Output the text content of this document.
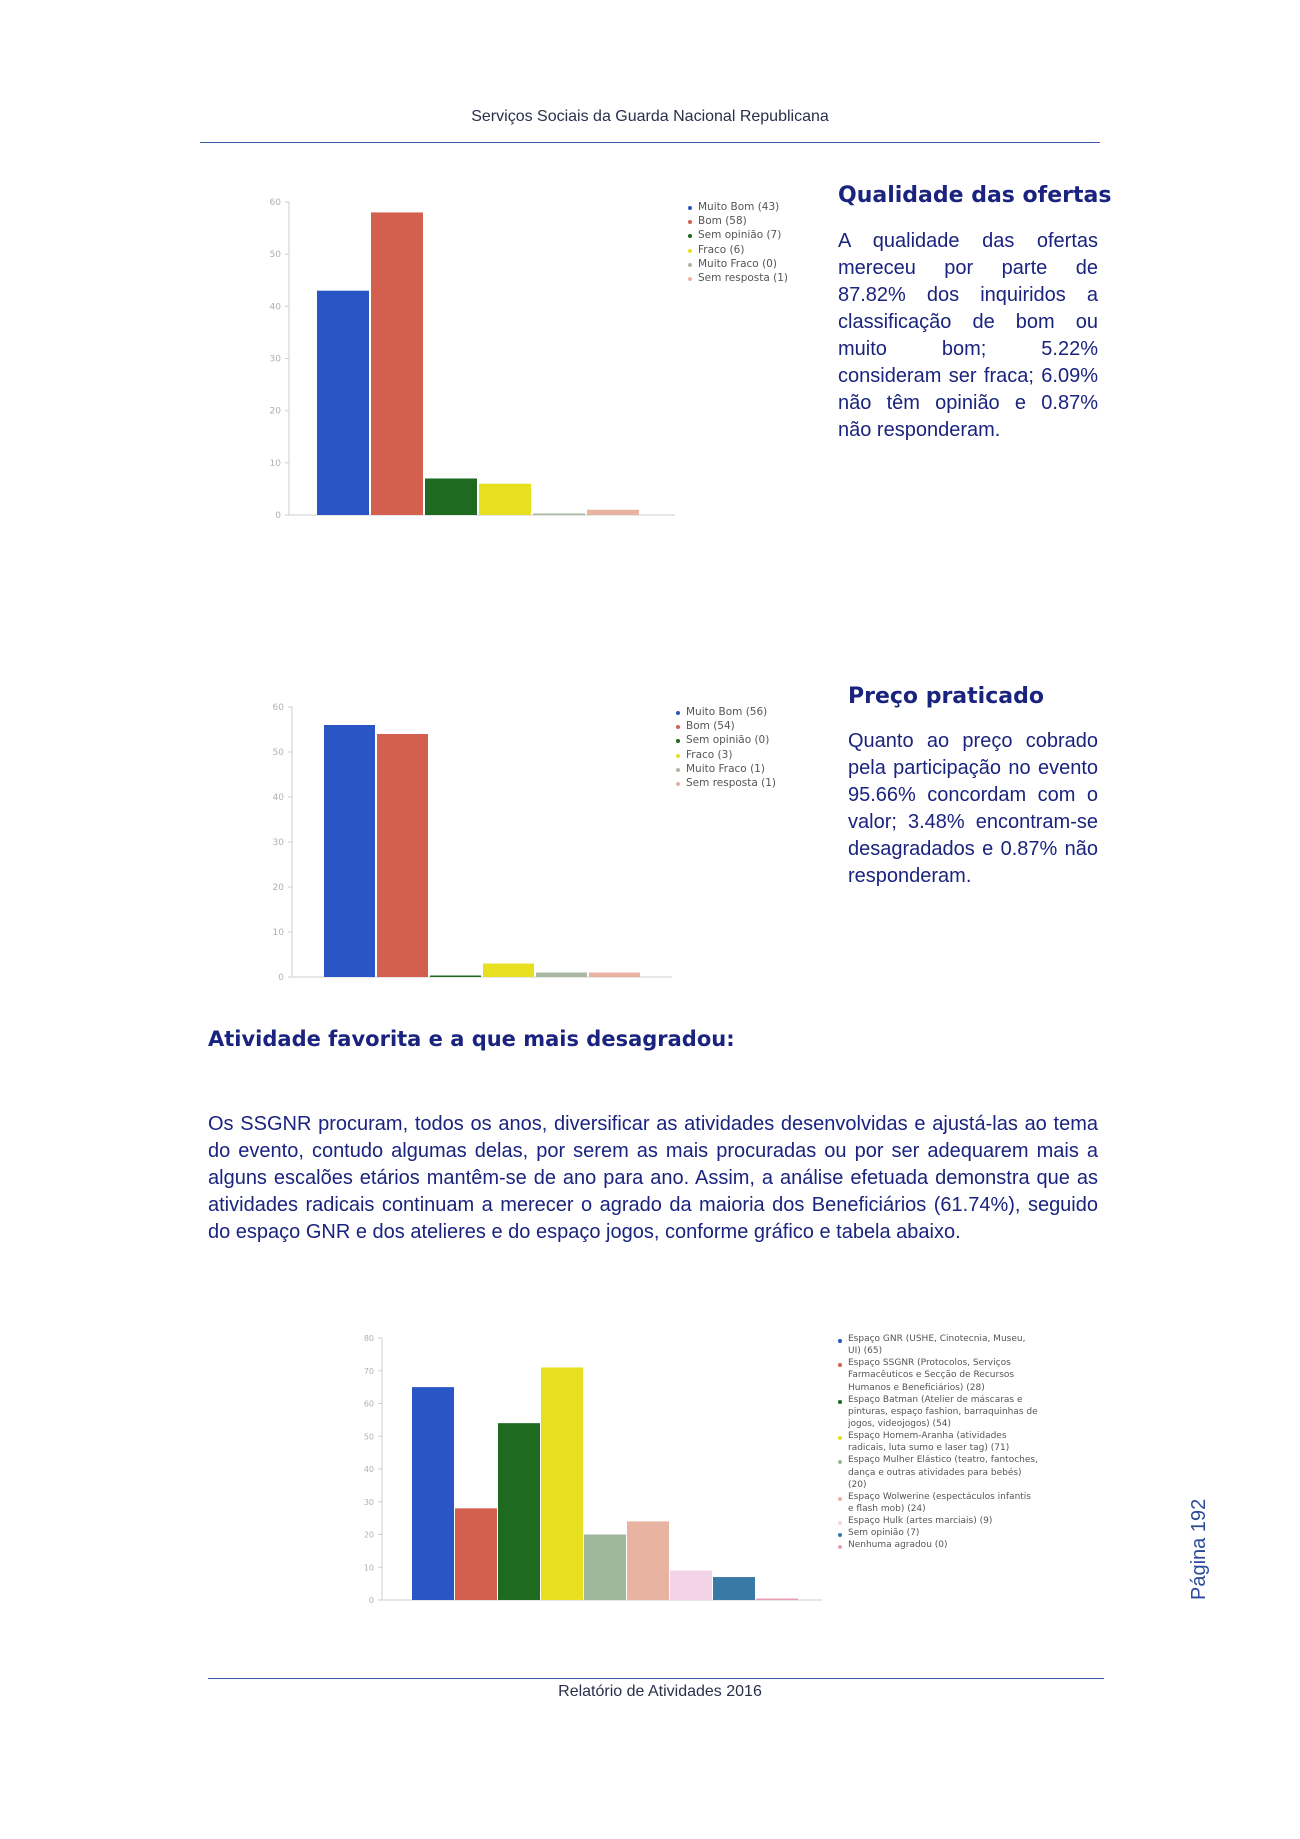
Serviços Sociais da Guarda Nacional Republicana
0
10
20
30
40
50
60	Muito Bom (43)
Bom (58)
Sem opinião (7)
Fraco (6)
Muito Fraco (0)
Sem resposta (1)
Qualidade das ofertas
A qualidade das ofertas mereceu por parte de 87.82% dos inquiridos a classificação de bom ou muito bom; 5.22% consideram ser fraca; 6.09% não têm opinião e 0.87% não responderam.
0
10
20
30
40
50
60	Muito Bom (56)
Bom (54)
Sem opinião (0)
Fraco (3)
Muito Fraco (1)
Sem resposta (1)
Preço praticado
Quanto ao preço cobrado pela participação no evento 95.66% concordam com o valor; 3.48% encontram-se desagradados e 0.87% não responderam.
Atividade favorita e a que mais desagradou:
Os SSGNR procuram, todos os anos, diversificar as atividades desenvolvidas e ajustá-las ao tema do evento, contudo algumas delas, por serem as mais procuradas ou por ser adequarem mais a alguns escalões etários mantêm-se de ano para ano. Assim, a análise efetuada demonstra que as atividades radicais continuam a merecer o agrado da maioria dos Beneficiários (61.74%), seguido do espaço GNR e dos atelieres e do espaço jogos, conforme gráfico e tabela abaixo.
0
10
20
30
40
50
60
70
80	Espaço GNR (USHE, Cinotecnia, Museu, UI) (65)
Espaço SSGNR (Protocolos, Serviços Farmacêuticos e Secção de Recursos Humanos e Beneficiários) (28)
Espaço Batman (Atelier de máscaras e pinturas, espaço fashion, barraquinhas de jogos, videojogos) (54)
Espaço Homem-Aranha (atividades radicais, luta sumo e laser tag) (71)
Espaço Mulher Elástico (teatro, fantoches, dança e outras atividades para bebés) (20)
Espaço Wolwerine (espectáculos infantis e flash mob) (24)
Espaço Hulk (artes marciais) (9)
Sem opinião (7)
Nenhuma agradou (0)
Relatório de Atividades 2016
Página 192
